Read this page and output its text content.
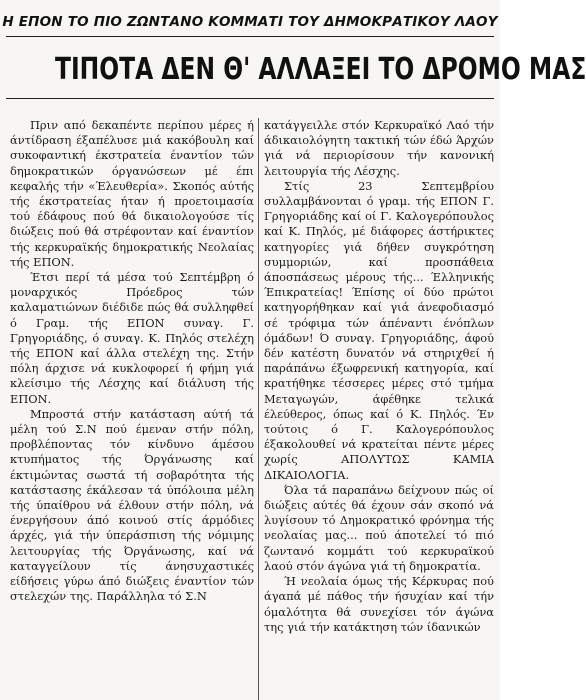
Η ΕΠΟΝ ΤΟ ΠΙΟ ΖΩΝΤΑΝΟ ΚΟΜΜΑΤΙ ΤΟΥ ΔΗΜΟΚΡΑΤΙΚΟΥ ΛΑΟΥ
ΤΙΠΟΤΑ ΔΕΝ Θ' ΑΛΛΑΞΕΙ ΤΟ ΔΡΟΜΟ ΜΑΣ

Πριν από δεκαπέντε περίπου μέρες ή άντίδραση έξαπέλυσε μιά κακόβουλη καί συκοφαντική έκστρατεία έναντίον τών δημοκρατικών όργανώσεων μέ έπι κεφαλής τήν «Έλευθερία». Σκοπός αύτής τής έκστρατείας ήταν ή προετοιμασία τού έδάφους πού θά δικαιολογούσε τίς διώξεις πού θά στρέφονταν καί έναντίον τής κερκυραϊκής δημοκρατικής Νεολαίας τής ΕΠΟΝ.

Έτσι περί τά μέσα τού Σεπτέμβρη ό μοναρχικός Πρόεδρος τών καλαματιώνων διέδιδε πώς θά συλληφθεί ό Γραμ. τής ΕΠΟΝ συναγ. Γ. Γρηγοριάδης, ό συναγ. Κ. Πηλός στελέχη τής ΕΠΟΝ καί άλλα στελέχη της. Στήν πόλη άρχισε νά κυκλοφορεί ή φήμη γιά κλείσιμο τής Λέσχης καί διάλυση τής ΕΠΟΝ.

Μπροστά στήν κατάσταση αύτή τά μέλη τού Σ.Ν πού έμεναν στήν πόλη, προβλέποντας τόν κίνδυνο άμέσου κτυπήματος τής Όργάνωσης καί έκτιμώντας σωστά τή σοβαρότητα τής κατάστασης έκάλεσαν τά ύπόλοιπα μέλη τής ύπαίθρου νά έλθουν στήν πόλη, νά ένεργήσουν άπό κοινού στίς άρμόδιες άρχές, γιά τήν ύπεράσπιση τής νόμιμης λειτουργίας τής Όργάνωσης, καί νά καταγγείλουν τίς άνησυχαστικές είδήσεις γύρω άπό διώξεις έναντίον τών στελεχών της. Παράλληλα τό Σ.Ν

κατάγγειλλε στόν Κερκυραϊκό Λαό τήν άδικαιολόγητη τακτική τών έδώ Άρχών γιά νά περιορίσουν τήν κανονική λειτουργία τής Λέσχης.

Στίς 23 Σεπτεμβρίου συλλαμβάνονται ό γραμ. τής ΕΠΟΝ Γ. Γρηγοριάδης καί οί Γ. Καλογερόπουλος καί Κ. Πηλός, μέ διάφορες άστήρικτες κατηγορίες γιά δήθεν συγκρότηση συμμοριών, καί προσπάθεια άποσπάσεως μέρους τής... Έλληνικής Έπικρατείας! Έπίσης οί δύο πρώτοι κατηγορήθηκαν καί γιά άνεφοδιασμό σέ τρόφιμα τών άπέναντι ένόπλων όμάδων! Ό συναγ. Γρηγοριάδης, άφού δέν κατέστη δυνατόν νά στηριχθεί ή παράπάνω έξωφρενική κατηγορία, καί κρατήθηκε τέσσερες μέρες στό τμήμα Μεταγωγών, άφέθηκε τελικά έλεύθερος, όπως καί ό Κ. Πηλός. Έν τούτοις ό Γ. Καλογερόπουλος έξακολουθεί νά κρατείται πέντε μέρες χωρίς ΑΠΟΛΥΤΩΣ ΚΑΜΙΑ ΔΙΚΑΙΟΛΟΓΙΑ.

Όλα τά παραπάνω δείχνουν πώς οί διώξεις αύτές θά έχουν σάν σκοπό νά λυγίσουν τό Δημοκρατικό φρόνημα τής νεολαίας μας... πού άποτελεί τό πιό ζωντανό κομμάτι τού κερκυραϊκού λαού στόν άγώνα γιά τή δημοκρατία.

Ή νεολαία όμως τής Κέρκυρας πού άγαπά μέ πάθος τήν ήσυχίαν καί τήν όμαλότητα θά συνεχίσει τόν άγώνα της γιά τήν κατάκτηση τών ίδανικών
